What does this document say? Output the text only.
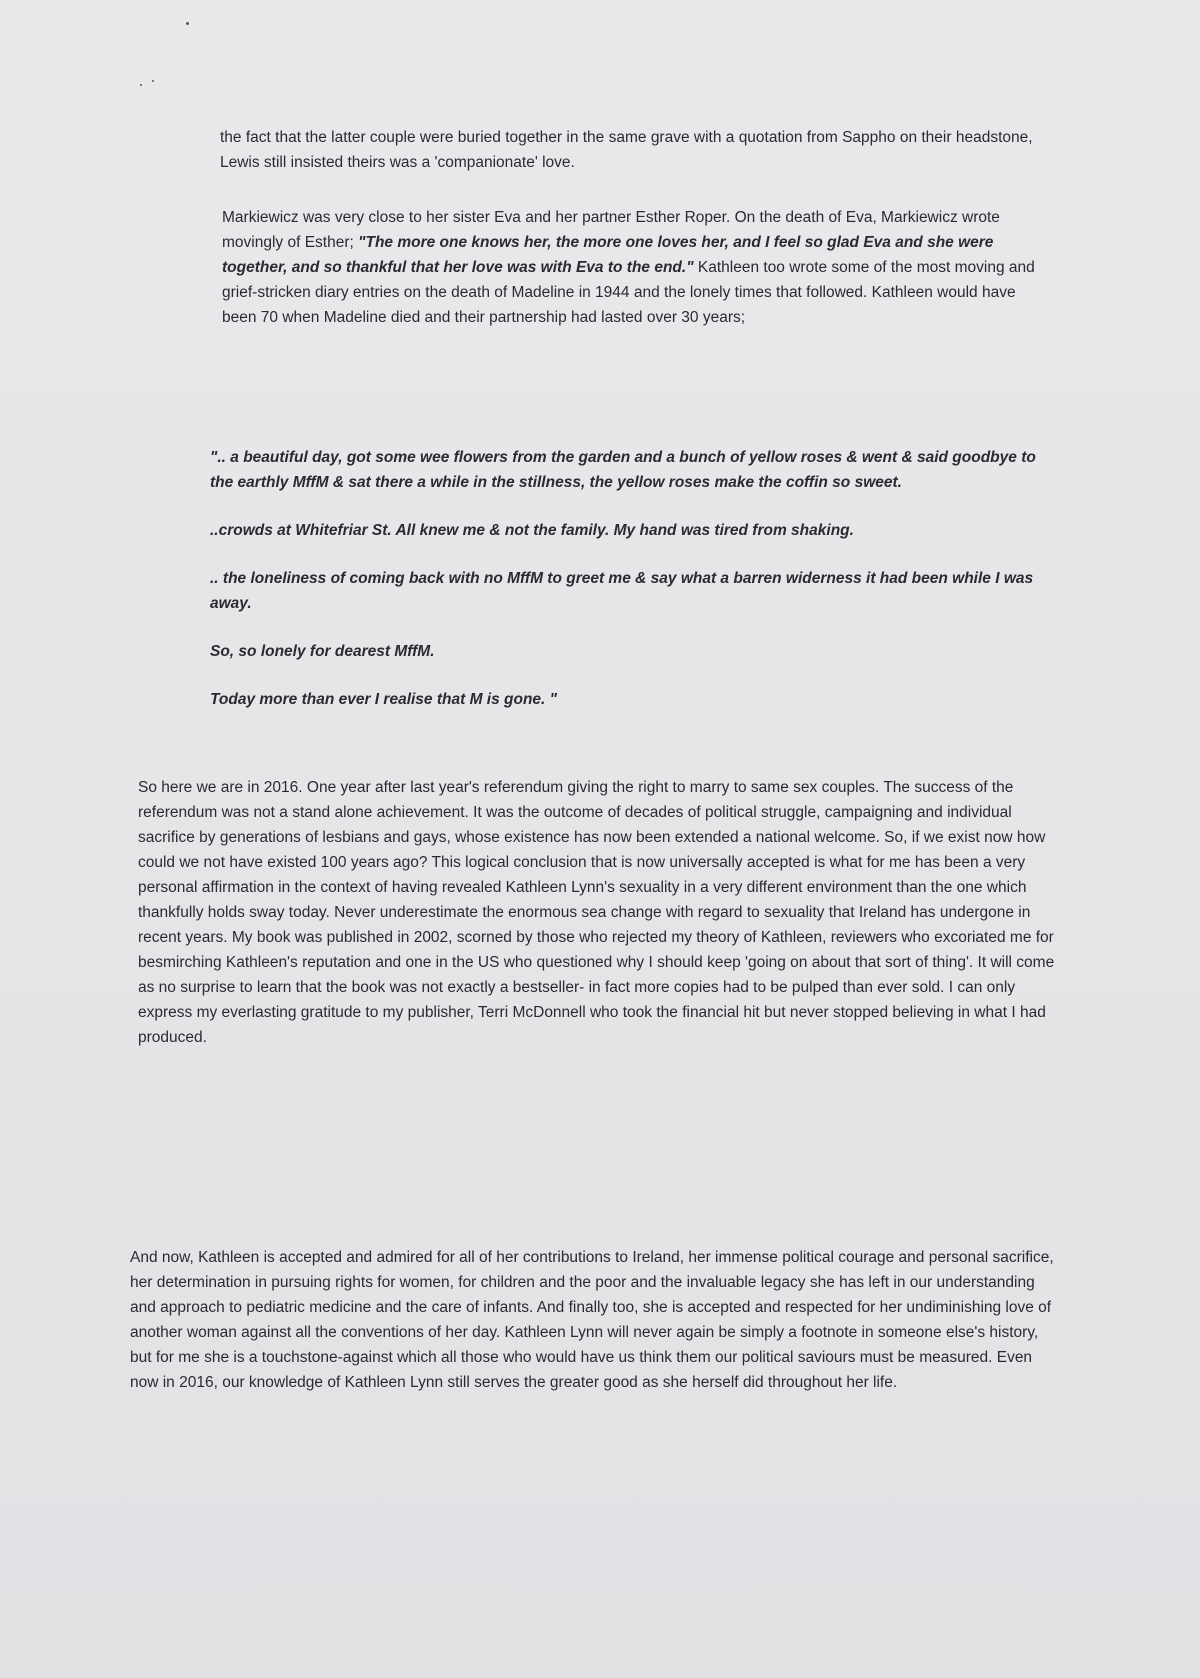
the fact that the latter couple were buried together in the same grave with a quotation from Sappho on their headstone, Lewis still insisted theirs was a 'companionate' love.

Markiewicz was very close to her sister Eva and her partner Esther Roper. On the death of Eva, Markiewicz wrote movingly of Esther; "The more one knows her, the more one loves her, and I feel so glad Eva and she were together, and so thankful that her love was with Eva to the end." Kathleen too wrote some of the most moving and grief-stricken diary entries on the death of Madeline in 1944 and the lonely times that followed. Kathleen would have been 70 when Madeline died and their partnership had lasted over 30 years;

".. a beautiful day, got some wee flowers from the garden and a bunch of yellow roses & went & said goodbye to the earthly MffM & sat there a while in the stillness, the yellow roses make the coffin so sweet.

..crowds at Whitefriar St. All knew me & not the family. My hand was tired from shaking.

.. the loneliness of coming back with no MffM to greet me & say what a barren widerness it had been while I was away.

So, so lonely for dearest MffM.

Today more than ever I realise that M is gone. "

So here we are in 2016. One year after last year's referendum giving the right to marry to same sex couples. The success of the referendum was not a stand alone achievement. It was the outcome of decades of political struggle, campaigning and individual sacrifice by generations of lesbians and gays, whose existence has now been extended a national welcome. So, if we exist now how could we not have existed 100 years ago? This logical conclusion that is now universally accepted is what for me has been a very personal affirmation in the context of having revealed Kathleen Lynn's sexuality in a very different environment than the one which thankfully holds sway today. Never underestimate the enormous sea change with regard to sexuality that Ireland has undergone in recent years. My book was published in 2002, scorned by those who rejected my theory of Kathleen, reviewers who excoriated me for besmirching Kathleen's reputation and one in the US who questioned why I should keep 'going on about that sort of thing'. It will come as no surprise to learn that the book was not exactly a bestseller- in fact more copies had to be pulped than ever sold. I can only express my everlasting gratitude to my publisher, Terri McDonnell who took the financial hit but never stopped believing in what I had produced.

And now, Kathleen is accepted and admired for all of her contributions to Ireland, her immense political courage and personal sacrifice, her determination in pursuing rights for women, for children and the poor and the invaluable legacy she has left in our understanding and approach to pediatric medicine and the care of infants. And finally too, she is accepted and respected for her undiminishing love of another woman against all the conventions of her day. Kathleen Lynn will never again be simply a footnote in someone else's history, but for me she is a touchstone-against which all those who would have us think them our political saviours must be measured. Even now in 2016, our knowledge of Kathleen Lynn still serves the greater good as she herself did throughout her life.
